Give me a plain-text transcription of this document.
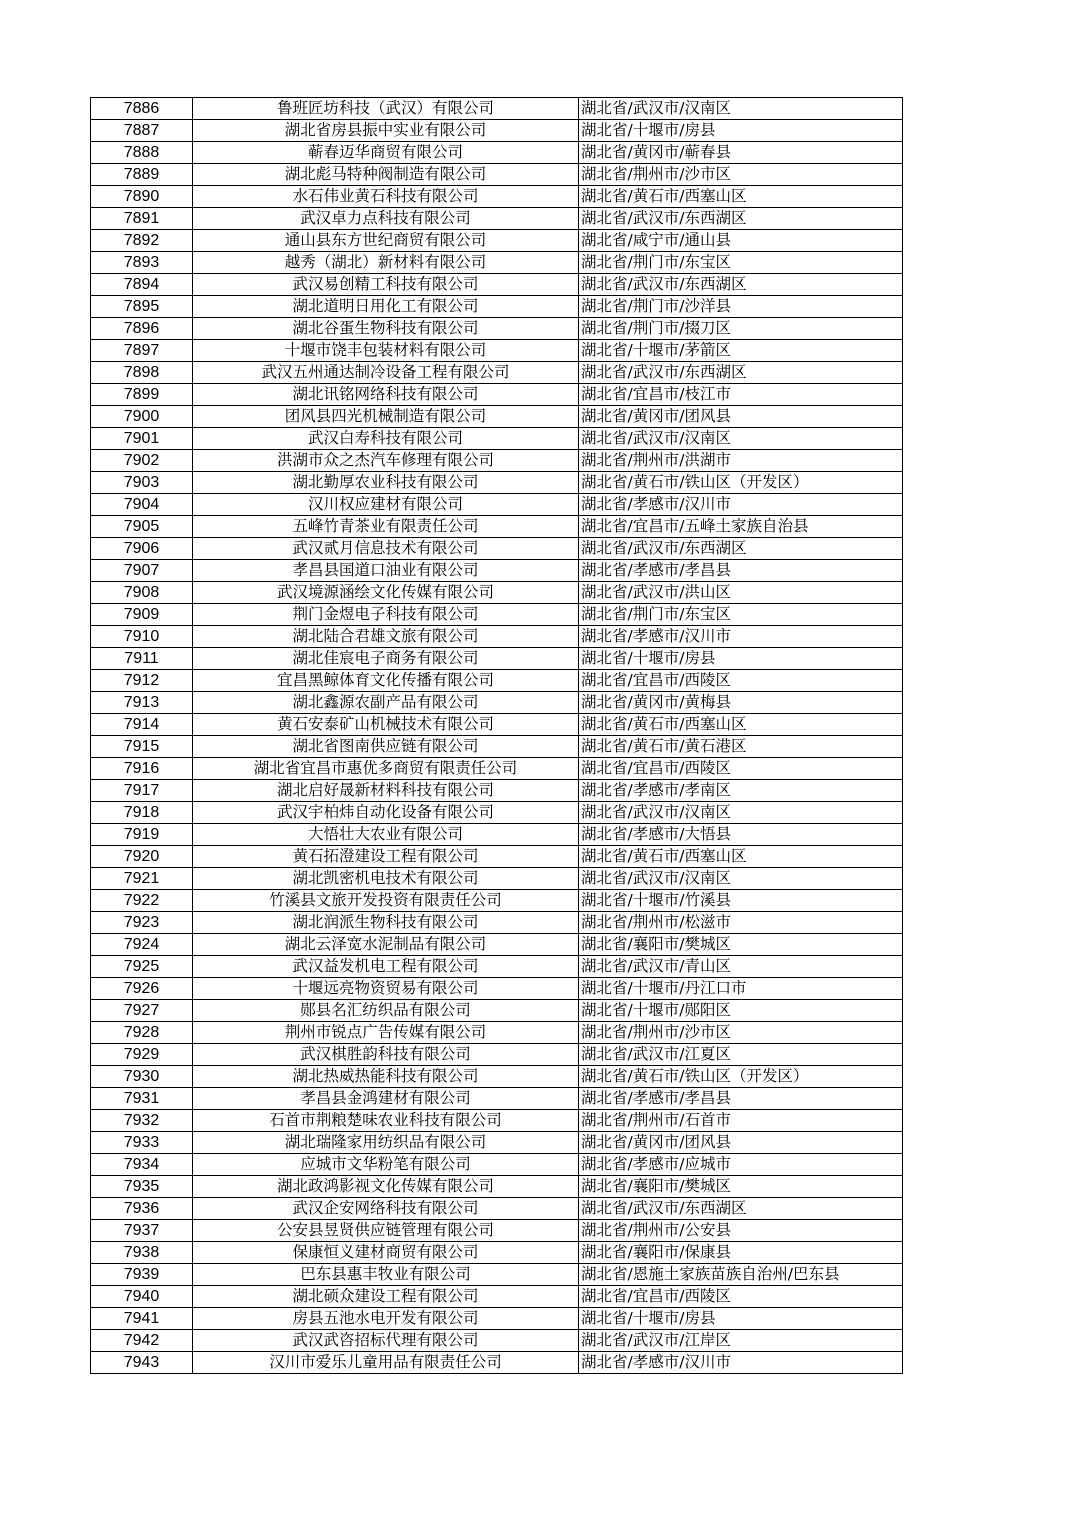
7886	鲁班匠坊科技（武汉）有限公司	湖北省/武汉市/汉南区
7887	湖北省房县振中实业有限公司	湖北省/十堰市/房县
7888	蕲春迈华商贸有限公司	湖北省/黄冈市/蕲春县
7889	湖北彪马特种阀制造有限公司	湖北省/荆州市/沙市区
7890	水石伟业黄石科技有限公司	湖北省/黄石市/西塞山区
7891	武汉卓力点科技有限公司	湖北省/武汉市/东西湖区
7892	通山县东方世纪商贸有限公司	湖北省/咸宁市/通山县
7893	越秀（湖北）新材料有限公司	湖北省/荆门市/东宝区
7894	武汉易创精工科技有限公司	湖北省/武汉市/东西湖区
7895	湖北道明日用化工有限公司	湖北省/荆门市/沙洋县
7896	湖北谷蛋生物科技有限公司	湖北省/荆门市/掇刀区
7897	十堰市饶丰包装材料有限公司	湖北省/十堰市/茅箭区
7898	武汉五州通达制冷设备工程有限公司	湖北省/武汉市/东西湖区
7899	湖北讯铭网络科技有限公司	湖北省/宜昌市/枝江市
7900	团风县四光机械制造有限公司	湖北省/黄冈市/团风县
7901	武汉白寿科技有限公司	湖北省/武汉市/汉南区
7902	洪湖市众之杰汽车修理有限公司	湖北省/荆州市/洪湖市
7903	湖北勤厚农业科技有限公司	湖北省/黄石市/铁山区（开发区）
7904	汉川权应建材有限公司	湖北省/孝感市/汉川市
7905	五峰竹青茶业有限责任公司	湖北省/宜昌市/五峰土家族自治县
7906	武汉贰月信息技术有限公司	湖北省/武汉市/东西湖区
7907	孝昌县国道口油业有限公司	湖北省/孝感市/孝昌县
7908	武汉境源涵绘文化传媒有限公司	湖北省/武汉市/洪山区
7909	荆门金煜电子科技有限公司	湖北省/荆门市/东宝区
7910	湖北陆合君雄文旅有限公司	湖北省/孝感市/汉川市
7911	湖北佳宸电子商务有限公司	湖北省/十堰市/房县
7912	宜昌黑鲸体育文化传播有限公司	湖北省/宜昌市/西陵区
7913	湖北鑫源农副产品有限公司	湖北省/黄冈市/黄梅县
7914	黄石安泰矿山机械技术有限公司	湖北省/黄石市/西塞山区
7915	湖北省图南供应链有限公司	湖北省/黄石市/黄石港区
7916	湖北省宜昌市惠优多商贸有限责任公司	湖北省/宜昌市/西陵区
7917	湖北启好晟新材料科技有限公司	湖北省/孝感市/孝南区
7918	武汉宇柏炜自动化设备有限公司	湖北省/武汉市/汉南区
7919	大悟壮大农业有限公司	湖北省/孝感市/大悟县
7920	黄石拓澄建设工程有限公司	湖北省/黄石市/西塞山区
7921	湖北凯密机电技术有限公司	湖北省/武汉市/汉南区
7922	竹溪县文旅开发投资有限责任公司	湖北省/十堰市/竹溪县
7923	湖北润派生物科技有限公司	湖北省/荆州市/松滋市
7924	湖北云泽宽水泥制品有限公司	湖北省/襄阳市/樊城区
7925	武汉益发机电工程有限公司	湖北省/武汉市/青山区
7926	十堰远亮物资贸易有限公司	湖北省/十堰市/丹江口市
7927	郧县名汇纺织品有限公司	湖北省/十堰市/郧阳区
7928	荆州市锐点广告传媒有限公司	湖北省/荆州市/沙市区
7929	武汉棋胜韵科技有限公司	湖北省/武汉市/江夏区
7930	湖北热威热能科技有限公司	湖北省/黄石市/铁山区（开发区）
7931	孝昌县金鸿建材有限公司	湖北省/孝感市/孝昌县
7932	石首市荆粮楚味农业科技有限公司	湖北省/荆州市/石首市
7933	湖北瑞隆家用纺织品有限公司	湖北省/黄冈市/团风县
7934	应城市文华粉笔有限公司	湖北省/孝感市/应城市
7935	湖北政鸿影视文化传媒有限公司	湖北省/襄阳市/樊城区
7936	武汉企安网络科技有限公司	湖北省/武汉市/东西湖区
7937	公安县昱贤供应链管理有限公司	湖北省/荆州市/公安县
7938	保康恒义建材商贸有限公司	湖北省/襄阳市/保康县
7939	巴东县惠丰牧业有限公司	湖北省/恩施土家族苗族自治州/巴东县
7940	湖北硕众建设工程有限公司	湖北省/宜昌市/西陵区
7941	房县五池水电开发有限公司	湖北省/十堰市/房县
7942	武汉武咨招标代理有限公司	湖北省/武汉市/江岸区
7943	汉川市爱乐儿童用品有限责任公司	湖北省/孝感市/汉川市
